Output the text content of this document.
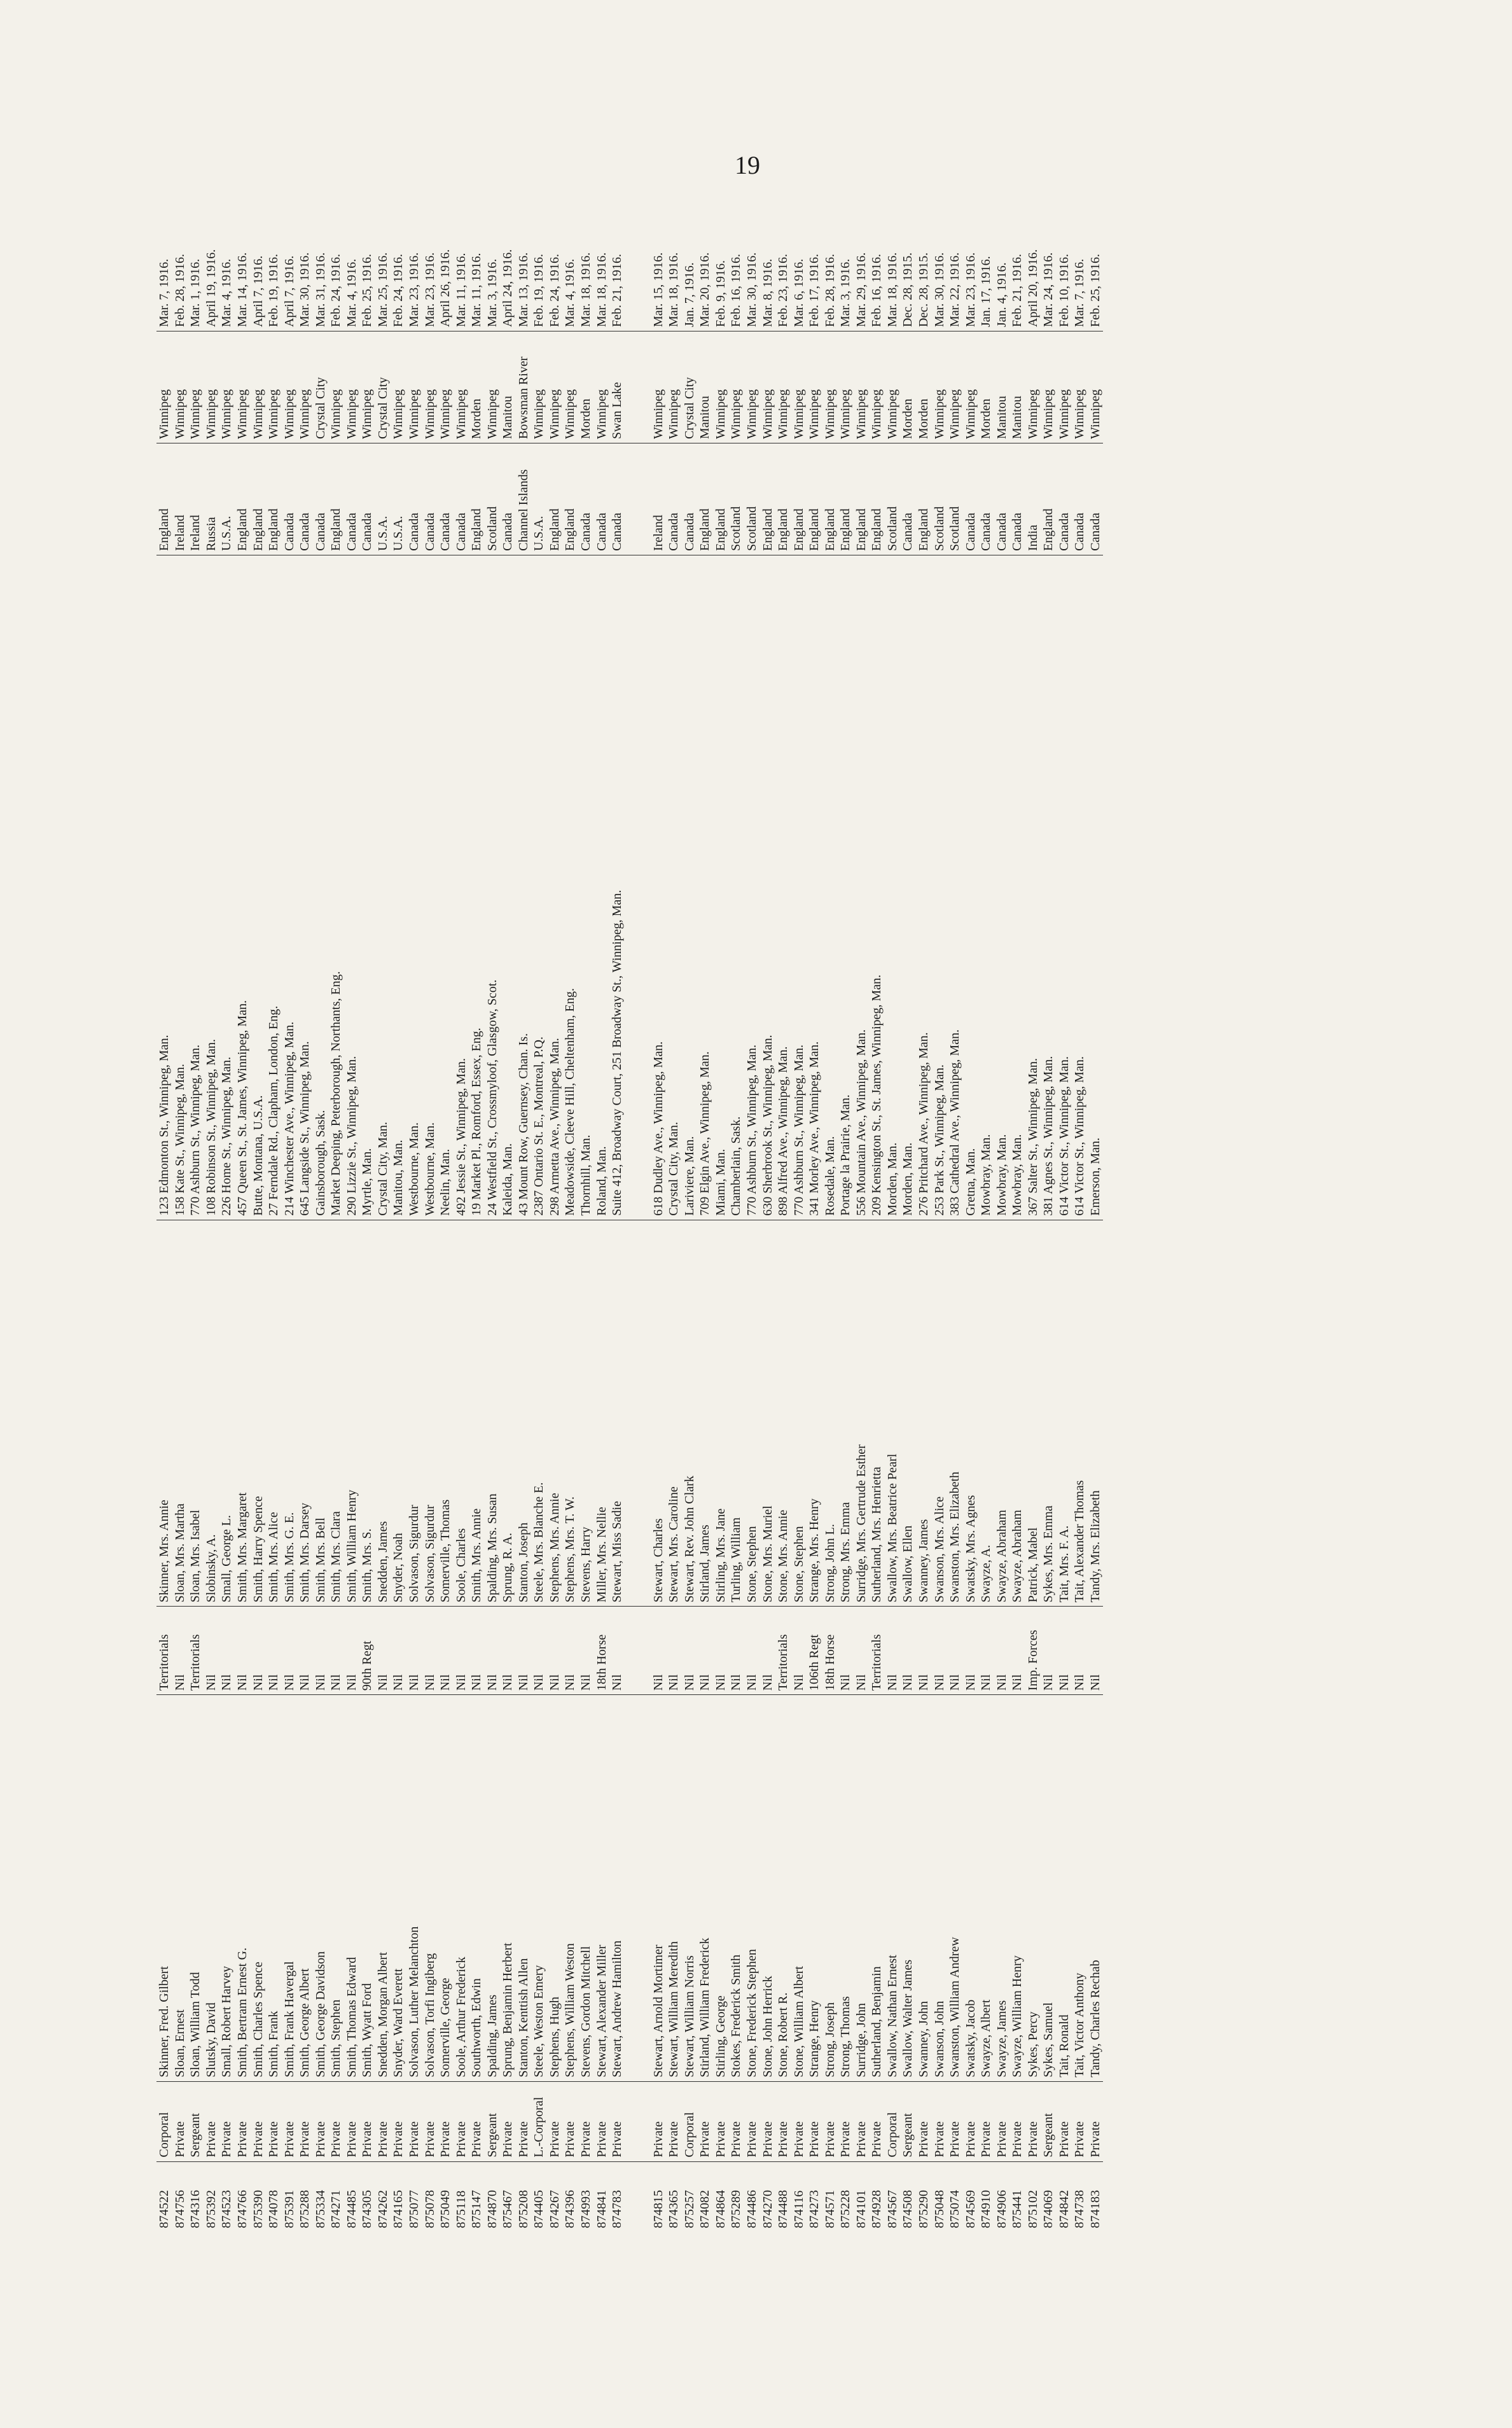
19
874522	Corporal	Skinner, Fred. Gilbert	Territorials	Skinner, Mrs. Annie	123 Edmonton St., Winnipeg, Man.	England	Winnipeg	Mar. 7, 1916.
874756	Private	Sloan, Ernest	Nil	Sloan, Mrs. Martha	158 Kate St., Winnipeg, Man.	Ireland	Winnipeg	Feb. 28, 1916.
874316	Sergeant	Sloan, William Todd	Territorials	Sloan, Mrs. Isabel	770 Ashburn St., Winnipeg, Man.	Ireland	Winnipeg	Mar. 1, 1916.
875392	Private	Slutsky, David	Nil	Slobinsky, A.	108 Robinson St., Winnipeg, Man.	Russia	Winnipeg	April 19, 1916.
874523	Private	Small, Robert Harvey	Nil	Small, George L.	226 Home St., Winnipeg, Man.	U.S.A.	Winnipeg	Mar. 4, 1916.
874766	Private	Smith, Bertram Ernest G.	Nil	Smith, Mrs. Margaret	457 Queen St., St. James, Winnipeg, Man.	England	Winnipeg	Mar. 14, 1916.
875390	Private	Smith, Charles Spence	Nil	Smith, Harry Spence	Butte, Montana, U.S.A.	England	Winnipeg	April 7, 1916.
874078	Private	Smith, Frank	Nil	Smith, Mrs. Alice	27 Ferndale Rd., Clapham, London, Eng.	England	Winnipeg	Feb. 19, 1916.
875391	Private	Smith, Frank Havergal	Nil	Smith, Mrs. G. E.	214 Winchester Ave., Winnipeg, Man.	Canada	Winnipeg	April 7, 1916.
875288	Private	Smith, George Albert	Nil	Smith, Mrs. Darsey	645 Langside St., Winnipeg, Man.	Canada	Winnipeg	Mar. 30, 1916.
875334	Private	Smith, George Davidson	Nil	Smith, Mrs. Bell	Gainsborough, Sask.	Canada	Crystal City	Mar. 31, 1916.
874271	Private	Smith, Stephen	Nil	Smith, Mrs. Clara	Market Deeping, Peterborough, Northants, Eng.	England	Winnipeg	Feb. 24, 1916.
874485	Private	Smith, Thomas Edward	Nil	Smith, William Henry	290 Lizzie St., Winnipeg, Man.	Canada	Winnipeg	Mar. 4, 1916.
874305	Private	Smith, Wyatt Ford	90th Regt	Smith, Mrs. S.	Myrtle, Man.	Canada	Winnipeg	Feb. 25, 1916.
874262	Private	Snedden, Morgan Albert	Nil	Snedden, James	Crystal City, Man.	U.S.A.	Crystal City	Mar. 25, 1916.
874165	Private	Snyder, Ward Everett	Nil	Snyder, Noah	Manitou, Man.	U.S.A.	Winnipeg	Feb. 24, 1916.
875077	Private	Solvason, Luther Melanchton	Nil	Solvason, Sigurdur	Westbourne, Man.	Canada	Winnipeg	Mar. 23, 1916.
875078	Private	Solvason, Torfi Ingiberg	Nil	Solvason, Sigurdur	Westbourne, Man.	Canada	Winnipeg	Mar. 23, 1916.
875049	Private	Somerville, George	Nil	Somerville, Thomas	Neelin, Man.	Canada	Winnipeg	April 26, 1916.
875118	Private	Soole, Arthur Frederick	Nil	Soole, Charles	492 Jessie St., Winnipeg, Man.	Canada	Winnipeg	Mar. 11, 1916.
875147	Private	Southworth, Edwin	Nil	Smith, Mrs. Annie	19 Market Pl., Romford, Essex, Eng.	England	Morden	Mar. 11, 1916.
874870	Sergeant	Spalding, James	Nil	Spalding, Mrs. Susan	24 Westfield St., Crossmyloof, Glasgow, Scot.	Scotland	Winnipeg	Mar. 3, 1916.
875467	Private	Sprung, Benjamin Herbert	Nil	Sprung, R. A.	Kaleida, Man.	Canada	Manitou	April 24, 1916.
875208	Private	Stanton, Kenttish Allen	Nil	Stanton, Joseph	43 Mount Row, Guernsey, Chan. Is.	Channel Islands	Bowsman River	Mar. 13, 1916.
874405	L.-Corporal	Steele, Weston Emery	Nil	Steele, Mrs. Blanche E.	2387 Ontario St. E., Montreal, P.Q.	U.S.A.	Winnipeg	Feb. 19, 1916.
874267	Private	Stephens, Hugh	Nil	Stephens, Mrs. Annie	298 Armetta Ave., Winnipeg, Man.	England	Winnipeg	Feb. 24, 1916.
874396	Private	Stephens, William Weston	Nil	Stephens, Mrs. T. W.	Meadowside, Cleeve Hill, Cheltenham, Eng.	England	Winnipeg	Mar. 4, 1916.
874993	Private	Stevens, Gordon Mitchell	Nil	Stevens, Harry	Thornhill, Man.	Canada	Morden	Mar. 18, 1916.
874841	Private	Stewart, Alexander Miller	18th Horse	Miller, Mrs. Nellie	Roland, Man.	Canada	Winnipeg	Mar. 18, 1916.
874783	Private	Stewart, Andrew Hamilton	Nil	Stewart, Miss Sadie	Suite 412, Broadway Court, 251 Broadway St., Winnipeg, Man.	Canada	Swan Lake	Feb. 21, 1916.

874815	Private	Stewart, Arnold Mortimer	Nil	Stewart, Charles	618 Dudley Ave., Winnipeg, Man.	Ireland	Winnipeg	Mar. 15, 1916.
874365	Private	Stewart, William Meredith	Nil	Stewart, Mrs. Caroline	Crystal City, Man.	Canada	Winnipeg	Mar. 18, 1916.
875257	Corporal	Stewart, William Norris	Nil	Stewart, Rev. John Clark	Lariviere, Man.	Canada	Crystal City	Jan. 7, 1916.
874082	Private	Stirland, William Frederick	Nil	Stirland, James	709 Elgin Ave., Winnipeg, Man.	England	Manitou	Mar. 20, 1916.
874864	Private	Stirling, George	Nil	Stirling, Mrs. Jane	Miami, Man.	England	Winnipeg	Feb. 9, 1916.
875289	Private	Stokes, Frederick Smith	Nil	Turling, William	Chamberlain, Sask.	Scotland	Winnipeg	Feb. 16, 1916.
874486	Private	Stone, Frederick Stephen	Nil	Stone, Stephen	770 Ashburn St., Winnipeg, Man.	Scotland	Winnipeg	Mar. 30, 1916.
874270	Private	Stone, John Herrick	Nil	Stone, Mrs. Muriel	630 Sherbrook St., Winnipeg, Man.	England	Winnipeg	Mar. 8, 1916.
874488	Private	Stone, Robert R.	Territorials	Stone, Mrs. Annie	898 Alfred Ave., Winnipeg, Man.	England	Winnipeg	Feb. 23, 1916.
874116	Private	Stone, William Albert	Nil	Stone, Stephen	770 Ashburn St., Winnipeg, Man.	England	Winnipeg	Mar. 6, 1916.
874273	Private	Strange, Henry	106th Regt	Strange, Mrs. Henry	341 Morley Ave., Winnipeg, Man.	England	Winnipeg	Feb. 17, 1916.
874571	Private	Strong, Joseph	18th Horse	Strong, John L.	Rosedale, Man.	England	Winnipeg	Feb. 28, 1916.
875228	Private	Strong, Thomas	Nil	Strong, Mrs. Emma	Portage la Prairie, Man.	England	Winnipeg	Mar. 3, 1916.
874101	Private	Surridge, John	Nil	Surridge, Mrs. Gertrude Esther	556 Mountain Ave., Winnipeg, Man.	England	Winnipeg	Mar. 29, 1916.
874928	Private	Sutherland, Benjamin	Territorials	Sutherland, Mrs. Henrietta	209 Kensington St., St. James, Winnipeg, Man.	England	Winnipeg	Feb. 16, 1916.
874567	Corporal	Swallow, Nathan Ernest	Nil	Swallow, Mrs. Beatrice Pearl	Morden, Man.	Scotland	Winnipeg	Mar. 18, 1916.
874508	Sergeant	Swallow, Walter James	Nil	Swallow, Ellen	Morden, Man.	Canada	Morden	Dec. 28, 1915.
875290	Private	Swanney, John	Nil	Swanney, James	276 Pritchard Ave., Winnipeg, Man.	England	Morden	Dec. 28, 1915.
875048	Private	Swanson, John	Nil	Swanson, Mrs. Alice	253 Park St., Winnipeg, Man.	Scotland	Winnipeg	Mar. 30, 1916.
875074	Private	Swanston, William Andrew	Nil	Swanston, Mrs. Elizabeth	383 Cathedral Ave., Winnipeg, Man.	Scotland	Winnipeg	Mar. 22, 1916.
874569	Private	Swatsky, Jacob	Nil	Swatsky, Mrs. Agnes	Gretna, Man.	Canada	Winnipeg	Mar. 23, 1916.
874910	Private	Swayze, Albert	Nil	Swayze, A.	Mowbray, Man.	Canada	Morden	Jan. 17, 1916.
874906	Private	Swayze, James	Nil	Swayze, Abraham	Mowbray, Man.	Canada	Manitou	Jan. 4, 1916.
875441	Private	Swayze, William Henry	Nil	Swayze, Abraham	Mowbray, Man.	Canada	Manitou	Feb. 21, 1916.
875102	Private	Sykes, Percy	Imp. Forces	Patrick, Mabel	367 Salter St., Winnipeg, Man.	India	Winnipeg	April 20, 1916.
874069	Sergeant	Sykes, Samuel	Nil	Sykes, Mrs. Emma	381 Agnes St., Winnipeg, Man.	England	Winnipeg	Mar. 24, 1916.
874842	Private	Tait, Ronald	Nil	Tait, Mrs. F. A.	614 Victor St., Winnipeg, Man.	Canada	Winnipeg	Feb. 10, 1916.
874738	Private	Tait, Victor Anthony	Nil	Tait, Alexander Thomas	614 Victor St., Winnipeg, Man.	Canada	Winnipeg	Mar. 7, 1916.
874183	Private	Tandy, Charles Rechab	Nil	Tandy, Mrs. Elizabeth	Emerson, Man.	Canada	Winnipeg	Feb. 25, 1916.
